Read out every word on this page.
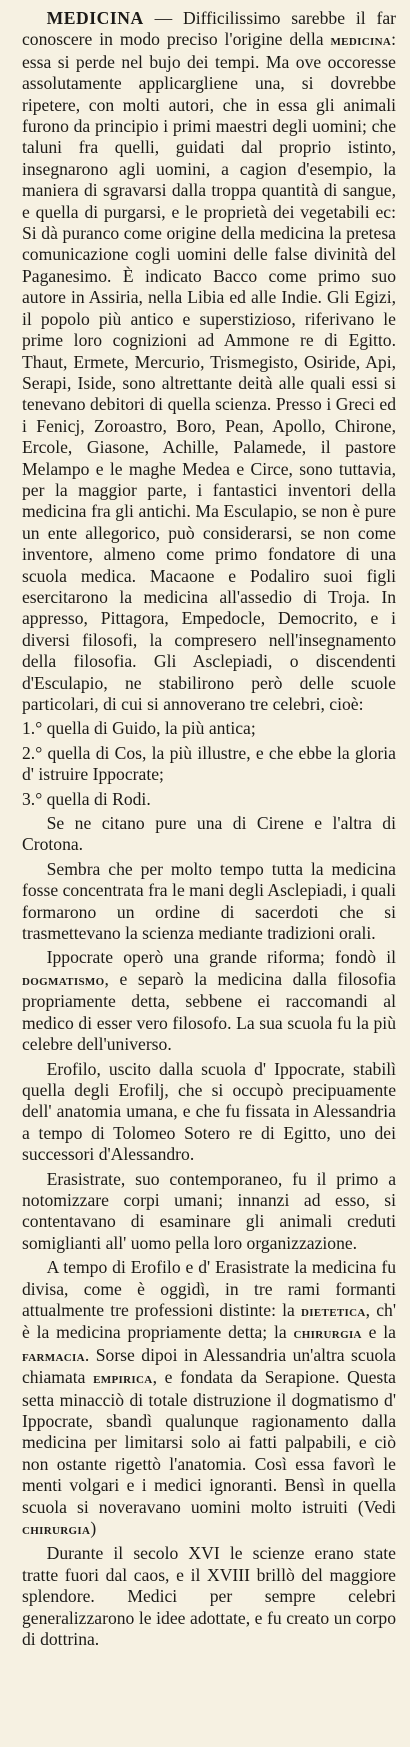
MEDICINA — Difficilissimo sarebbe il far conoscere in modo preciso l'origine della medicina: essa si perde nel bujo dei tempi. Ma ove occoresse assolutamente applicargliene una, si dovrebbe ripetere, con molti autori, che in essa gli animali furono da principio i primi maestri degli uomini; che taluni fra quelli, guidati dal proprio istinto, insegnarono agli uomini, a cagion d'esempio, la maniera di sgravarsi dalla troppa quantità di sangue, e quella di purgarsi, e le proprietà dei vegetabili ec: Si dà puranco come origine della medicina la pretesa comunicazione cogli uomini delle false divinità del Paganesimo. È indicato Bacco come primo suo autore in Assiria, nella Libia ed alle Indie. Gli Egizi, il popolo più antico e superstizioso, riferivano le prime loro cognizioni ad Ammone re di Egitto. Thaut, Ermete, Mercurio, Trismegisto, Osiride, Api, Serapi, Iside, sono altrettante deità alle quali essi si tenevano debitori di quella scienza. Presso i Greci ed i Fenicj, Zoroastro, Boro, Pean, Apollo, Chirone, Ercole, Giasone, Achille, Palamede, il pastore Melampo e le maghe Medea e Circe, sono tuttavia, per la maggior parte, i fantastici inventori della medicina fra gli antichi. Ma Esculapio, se non è pure un ente allegorico, può considerarsi, se non come inventore, almeno come primo fondatore di una scuola medica. Macaone e Podaliro suoi figli esercitarono la medicina all'assedio di Troja. In appresso, Pittagora, Empedocle, Democrito, e i diversi filosofi, la compresero nell'insegnamento della filosofia. Gli Asclepiadi, o discendenti d'Esculapio, ne stabilirono però delle scuole particolari, di cui si annoverano tre celebri, cioè:

1.° quella di Guido, la più antica;

2.° quella di Cos, la più illustre, e che ebbe la gloria d' istruire Ippocrate;

3.° quella di Rodi.

Se ne citano pure una di Cirene e l'altra di Crotona.

Sembra che per molto tempo tutta la medicina fosse concentrata fra le mani degli Asclepiadi, i quali formarono un ordine di sacerdoti che si trasmettevano la scienza mediante tradizioni orali.

Ippocrate operò una grande riforma; fondò il dogmatismo, e separò la medicina dalla filosofia propriamente detta, sebbene ei raccomandi al medico di esser vero filosofo. La sua scuola fu la più celebre dell'universo.

Erofilo, uscito dalla scuola d' Ippocrate, stabilì quella degli Erofilj, che si occupò precipuamente dell' anatomia umana, e che fu fissata in Alessandria a tempo di Tolomeo Sotero re di Egitto, uno dei successori d'Alessandro.

Erasistrate, suo contemporaneo, fu il primo a notomizzare corpi umani; innanzi ad esso, si contentavano di esaminare gli animali creduti somiglianti all' uomo pella loro organizzazione.

A tempo di Erofilo e d' Erasistrate la medicina fu divisa, come è oggidì, in tre rami formanti attualmente tre professioni distinte: la dietetica, ch' è la medicina propriamente detta; la chirurgia e la farmacia. Sorse dipoi in Alessandria un'altra scuola chiamata empirica, e fondata da Serapione. Questa setta minacciò di totale distruzione il dogmatismo d' Ippocrate, sbandì qualunque ragionamento dalla medicina per limitarsi solo ai fatti palpabili, e ciò non ostante rigettò l'anatomia. Così essa favorì le menti volgari e i medici ignoranti. Bensì in quella scuola si noveravano uomini molto istruiti (Vedi chirurgia)

Durante il secolo XVI le scienze erano state tratte fuori dal caos, e il XVIII brillò del maggiore splendore. Medici per sempre celebri generalizzarono le idee adottate, e fu creato un corpo di dottrina.
